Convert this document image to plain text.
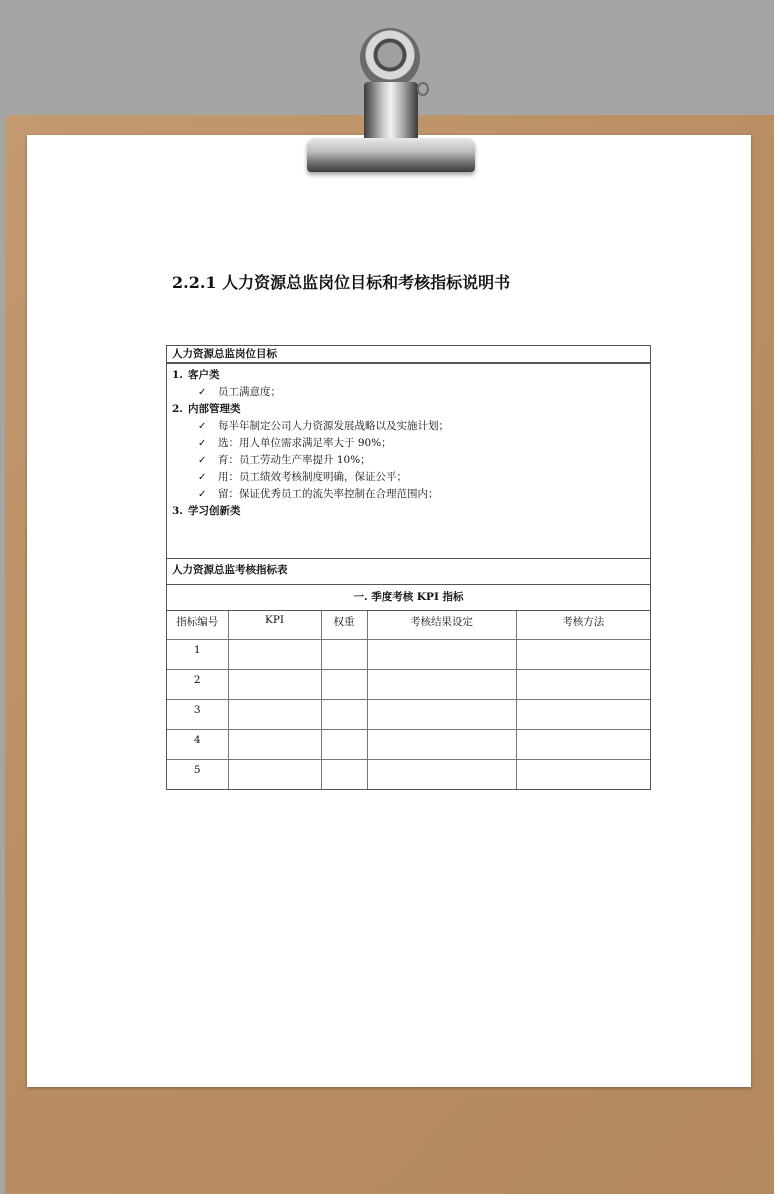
2.2.1 人力资源总监岗位目标和考核指标说明书
人力资源总监岗位目标
1. 客户类
✓ 员工满意度；
2. 内部管理类
✓ 每半年制定公司人力资源发展战略以及实施计划；
✓ 选：用人单位需求满足率大于 90%；
✓ 育：员工劳动生产率提升 10%；
✓ 用：员工绩效考核制度明确，保证公平；
✓ 留：保证优秀员工的流失率控制在合理范围内；
3. 学习创新类
人力资源总监考核指标表
一. 季度考核 KPI 指标
指标编号	KPI	权重	考核结果设定	考核方法
1				
2				
3				
4				
5				
